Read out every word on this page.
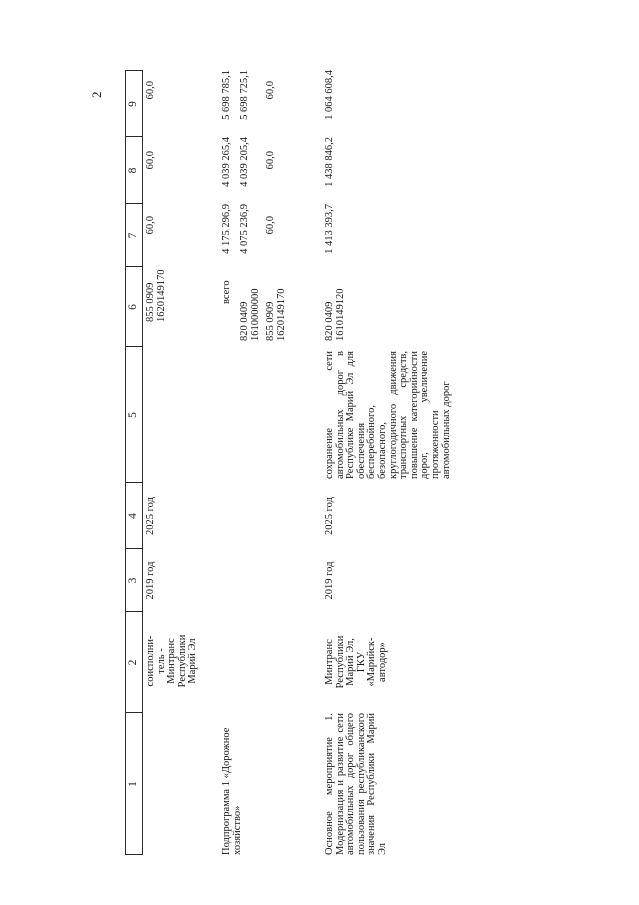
2
1
2
3
4
5
6
7
8
9
соисполни-
тель -
Минтранс
Республики
Марий Эл
2019 год
2025 год
855 0909
1620149170
60,0
60,0
60,0
Подпрограмма 1 «Дорожное хозяйство»
всего
4 175 296,9
4 039 265,4
5 698 785,1
820 0409
1610000000
4 075 236,9
4 039 205,4
5 698 725,1
855 0909
1620149170
60,0
60,0
60,0
Основное мероприятие 1. Модернизация и развитие сети автомобильных дорог общего пользования республиканского значения Республики Марий Эл
Минтранс
Республики
Марий Эл,
ГКУ
«Марийск-
автодор»
2019 год
2025 год
сохранение сети автомобильных дорог в Республике Марий Эл для обеспечения бесперебойного, безопасного, круглогодичного движения транспортных средств, повышение категорийности дорог, увеличение протяженности автомобильных дорог
820 0409
1610149120
1 413 393,7
1 438 846,2
1 064 608,4
